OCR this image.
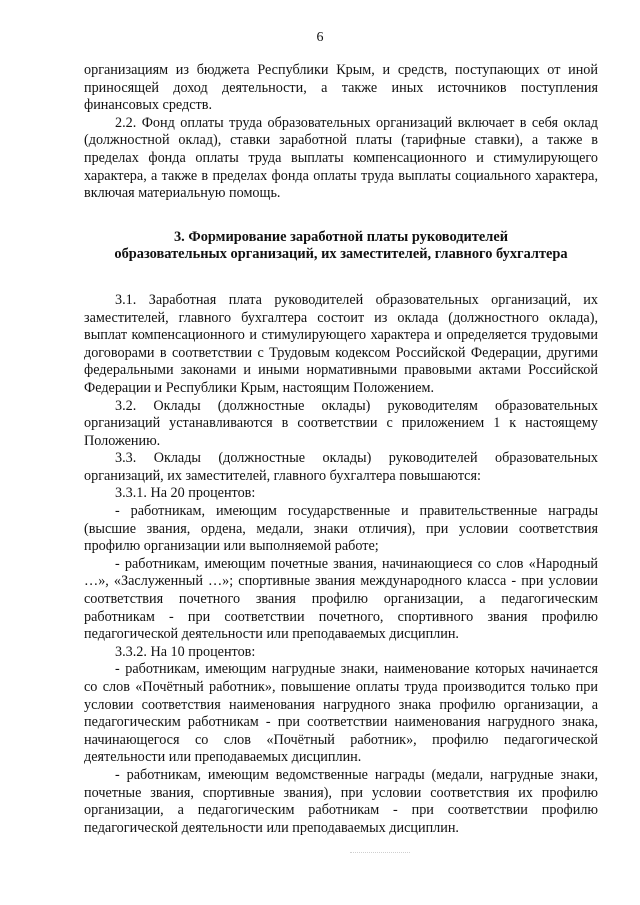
6

организациям из бюджета Республики Крым, и средств, поступающих от иной приносящей доход деятельности, а также иных источников поступления финансовых средств.

2.2. Фонд оплаты труда образовательных организаций включает в себя оклад (должностной оклад), ставки заработной платы (тарифные ставки), а также в пределах фонда оплаты труда выплаты компенсационного и стимулирующего характера, а также в пределах фонда оплаты труда выплаты социального характера, включая материальную помощь.

3. Формирование заработной платы руководителей
образовательных организаций, их заместителей, главного бухгалтера

3.1. Заработная плата руководителей образовательных организаций, их заместителей, главного бухгалтера состоит из оклада (должностного оклада), выплат компенсационного и стимулирующего характера и определяется трудовыми договорами в соответствии с Трудовым кодексом Российской Федерации, другими федеральными законами и иными нормативными правовыми актами Российской Федерации и Республики Крым, настоящим Положением.

3.2. Оклады (должностные оклады) руководителям образовательных организаций устанавливаются в соответствии с приложением 1 к настоящему Положению.

3.3. Оклады (должностные оклады) руководителей образовательных организаций, их заместителей, главного бухгалтера повышаются:

3.3.1. На 20 процентов:

- работникам, имеющим государственные и правительственные награды (высшие звания, ордена, медали, знаки отличия), при условии соответствия профилю организации или выполняемой работе;

- работникам, имеющим почетные звания, начинающиеся со слов «Народный …», «Заслуженный …»; спортивные звания международного класса - при условии соответствия почетного звания профилю организации, а педагогическим работникам - при соответствии почетного, спортивного звания профилю педагогической деятельности или преподаваемых дисциплин.

3.3.2. На 10 процентов:

- работникам, имеющим нагрудные знаки, наименование которых начинается со слов «Почётный работник», повышение оплаты труда производится только при условии соответствия наименования нагрудного знака профилю организации, а педагогическим работникам - при соответствии наименования нагрудного знака, начинающегося со слов «Почётный работник», профилю педагогической деятельности или преподаваемых дисциплин.

- работникам, имеющим ведомственные награды (медали, нагрудные знаки, почетные звания, спортивные звания), при условии соответствия их профилю организации, а педагогическим работникам - при соответствии профилю педагогической деятельности или преподаваемых дисциплин.
